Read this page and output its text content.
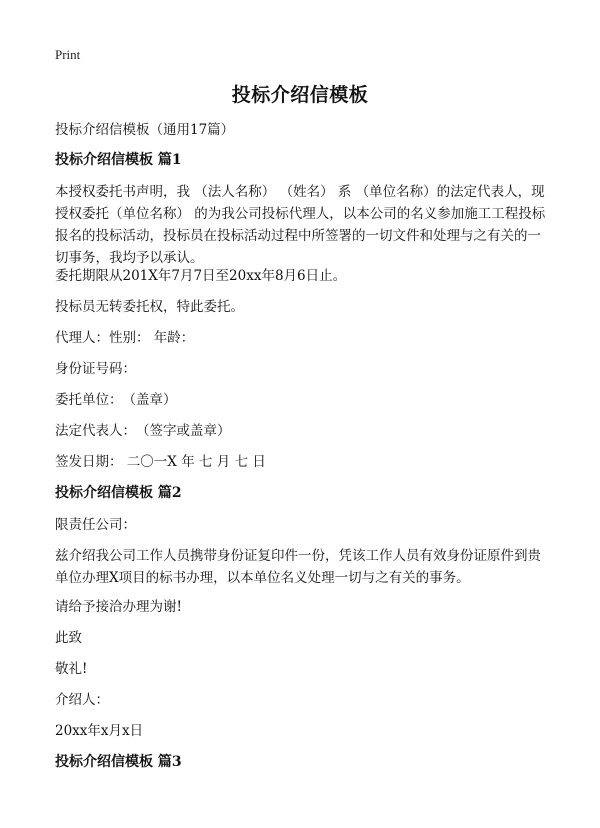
Print
投标介绍信模板
投标介绍信模板（通用17篇）
投标介绍信模板 篇1
本授权委托书声明，我 （法人名称） （姓名） 系 （单位名称）的法定代表人，现授权委托（单位名称） 的为我公司投标代理人，以本公司的名义参加施工工程投标报名的投标活动，投标员在投标活动过程中所签署的一切文件和处理与之有关的一切事务，我均予以承认。
委托期限从201X年7月7日至20xx年8月6日止。
投标员无转委托权，特此委托。
代理人：性别： 年龄：
身份证号码：
委托单位：　（盖章）
法定代表人：　（签字或盖章）
签发日期： 二〇一X 年 七 月 七 日
投标介绍信模板 篇2
限责任公司：
兹介绍我公司工作人员携带身份证复印件一份，凭该工作人员有效身份证原件到贵单位办理X项目的标书办理，以本单位名义处理一切与之有关的事务。
请给予接洽办理为谢!
此致
敬礼!
介绍人：
20xx年x月x日
投标介绍信模板 篇3
